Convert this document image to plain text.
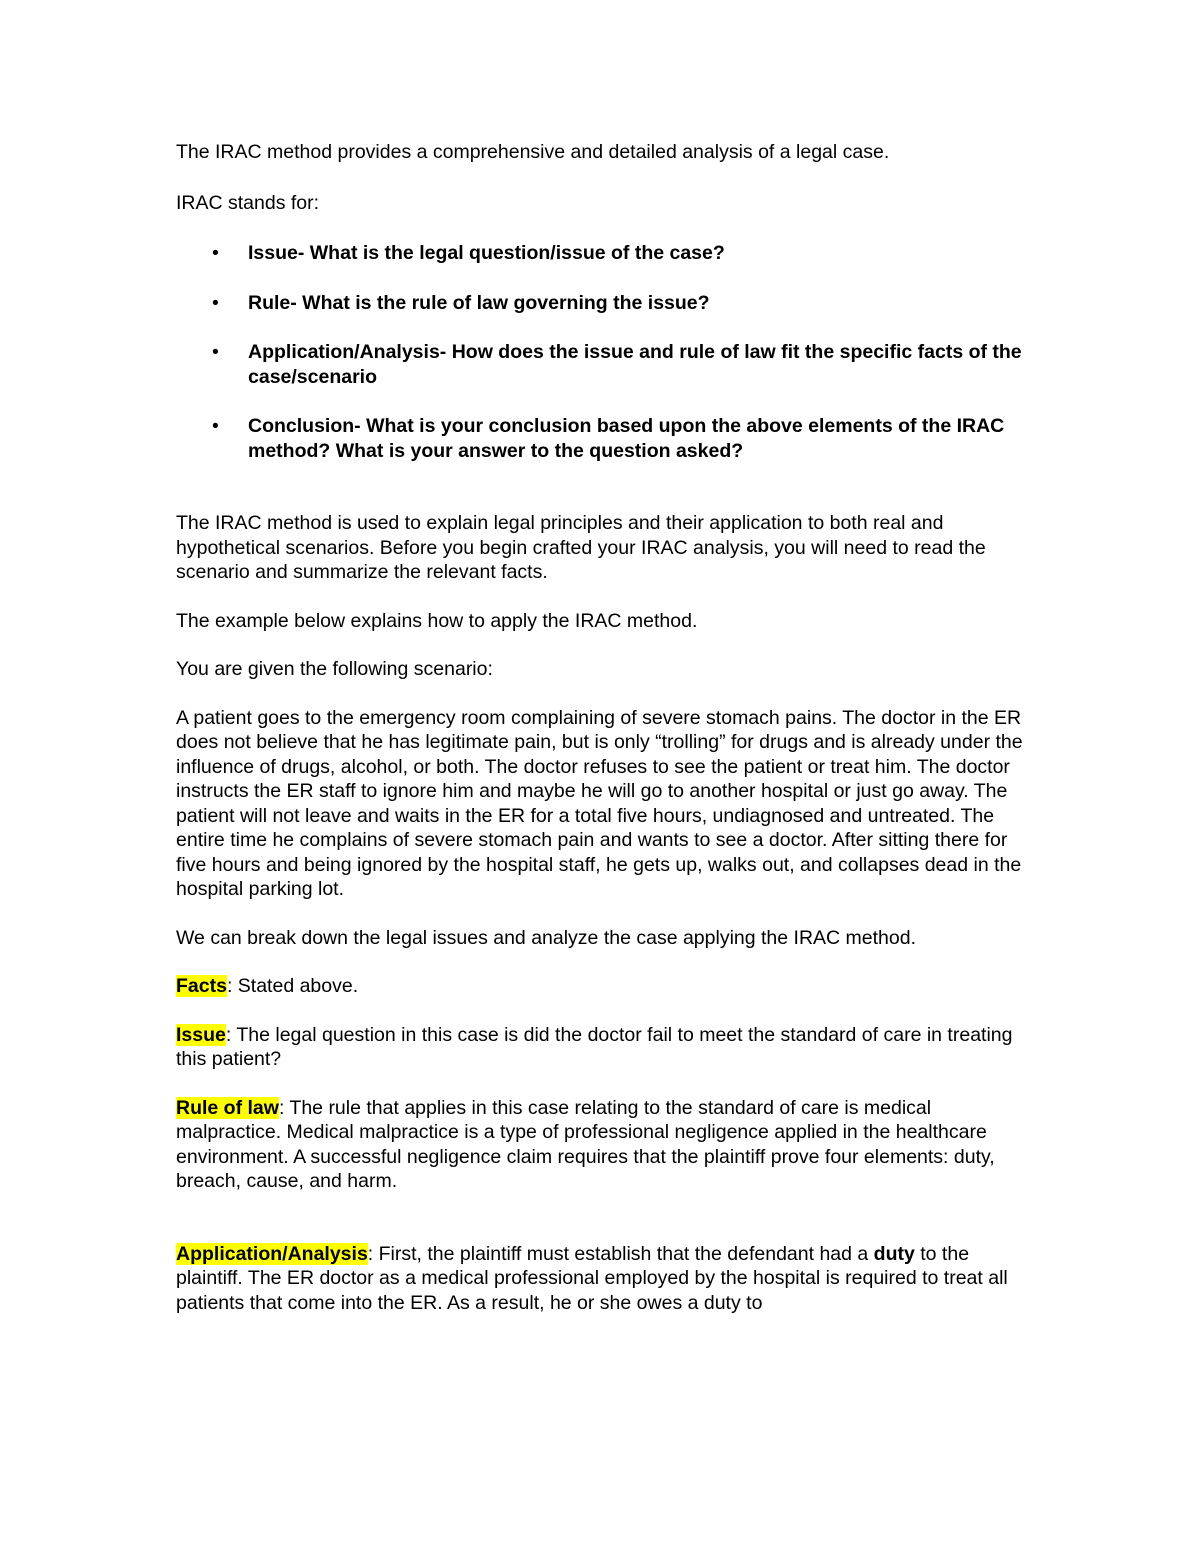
The IRAC method provides a comprehensive and detailed analysis of a legal case.

IRAC stands for:

• Issue- What is the legal question/issue of the case?
• Rule- What is the rule of law governing the issue?
• Application/Analysis- How does the issue and rule of law fit the specific facts of the case/scenario
• Conclusion- What is your conclusion based upon the above elements of the IRAC method? What is your answer to the question asked?

The IRAC method is used to explain legal principles and their application to both real and hypothetical scenarios. Before you begin crafted your IRAC analysis, you will need to read the scenario and summarize the relevant facts.

The example below explains how to apply the IRAC method.

You are given the following scenario:

A patient goes to the emergency room complaining of severe stomach pains. The doctor in the ER does not believe that he has legitimate pain, but is only “trolling” for drugs and is already under the influence of drugs, alcohol, or both. The doctor refuses to see the patient or treat him. The doctor instructs the ER staff to ignore him and maybe he will go to another hospital or just go away. The patient will not leave and waits in the ER for a total five hours, undiagnosed and untreated. The entire time he complains of severe stomach pain and wants to see a doctor. After sitting there for five hours and being ignored by the hospital staff, he gets up, walks out, and collapses dead in the hospital parking lot.

We can break down the legal issues and analyze the case applying the IRAC method.

Facts: Stated above.

Issue: The legal question in this case is did the doctor fail to meet the standard of care in treating this patient?

Rule of law: The rule that applies in this case relating to the standard of care is medical malpractice. Medical malpractice is a type of professional negligence applied in the healthcare environment. A successful negligence claim requires that the plaintiff prove four elements: duty, breach, cause, and harm.

Application/Analysis: First, the plaintiff must establish that the defendant had a duty to the plaintiff. The ER doctor as a medical professional employed by the hospital is required to treat all patients that come into the ER. As a result, he or she owes a duty to
